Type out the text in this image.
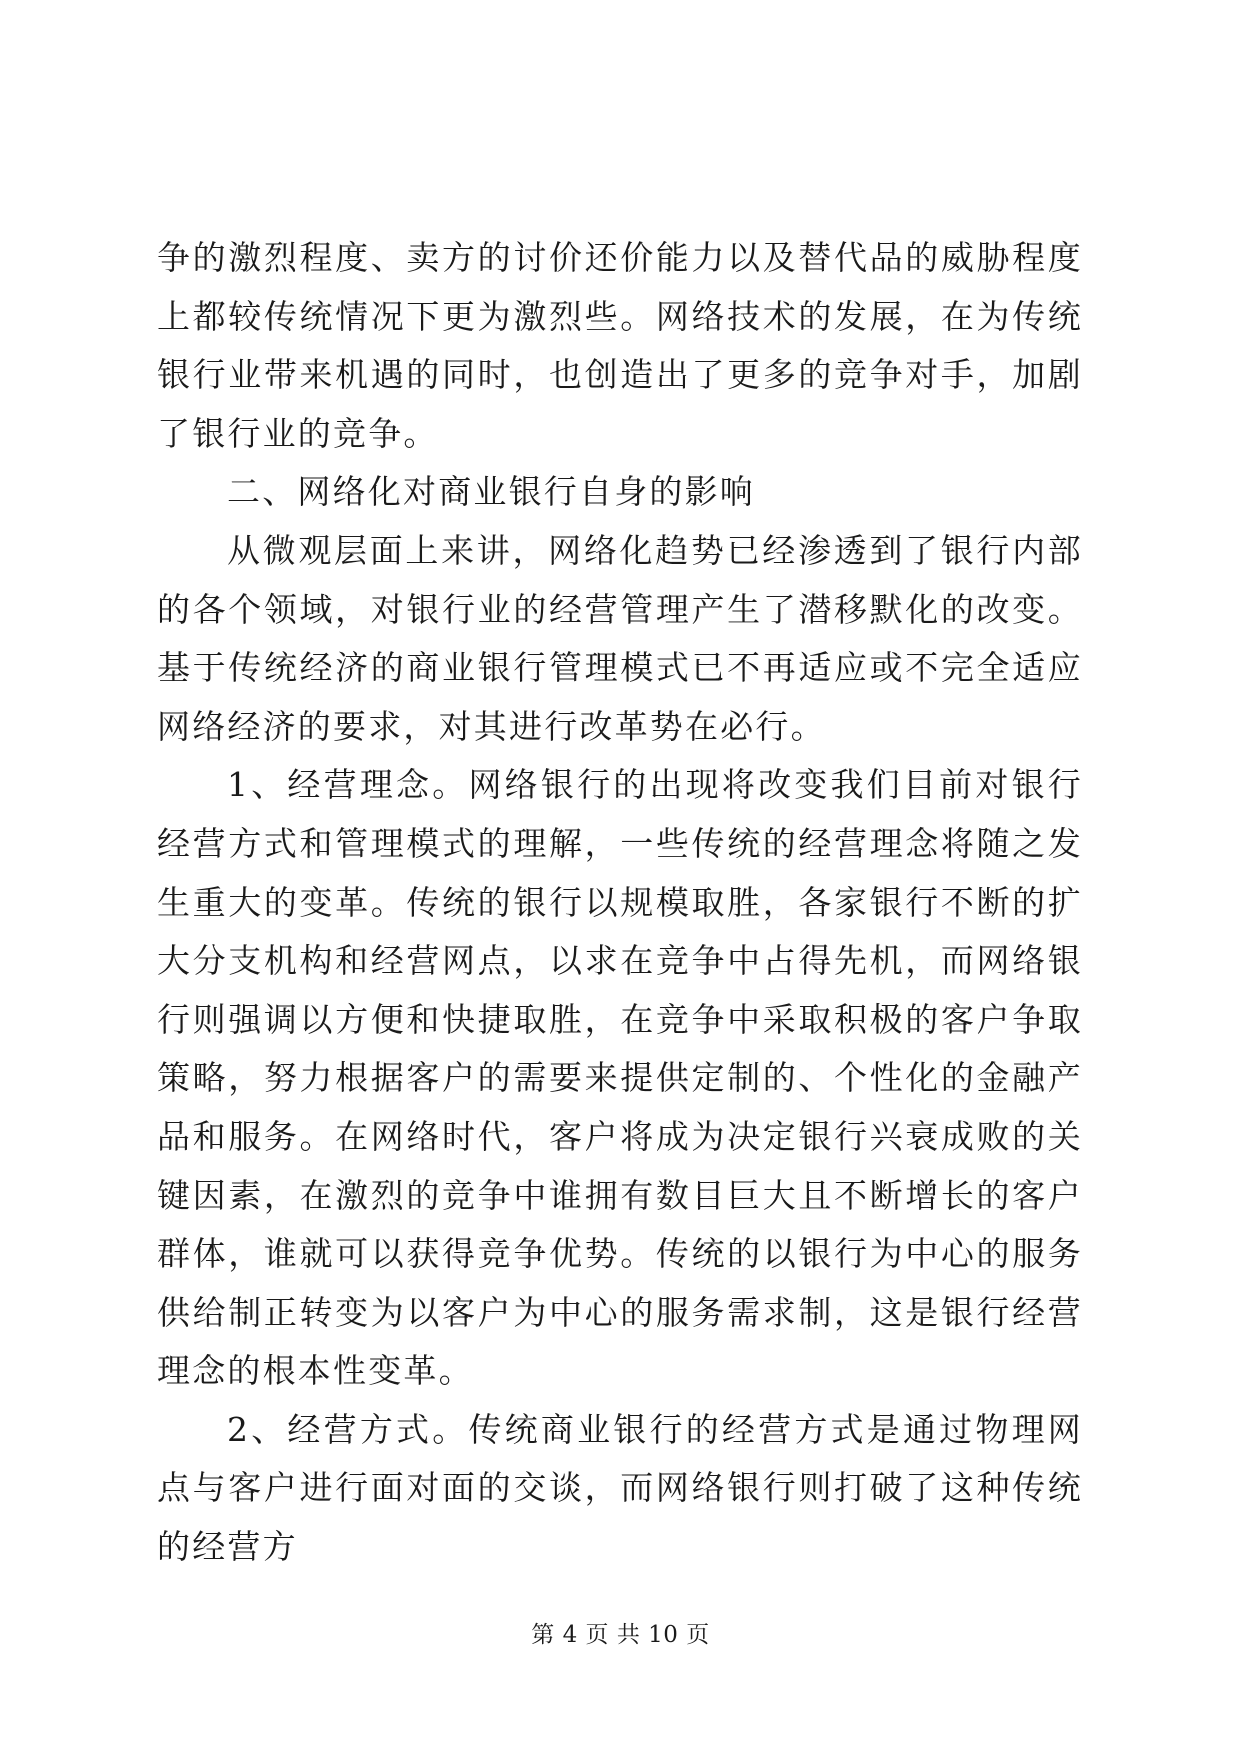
争的激烈程度、卖方的讨价还价能力以及替代品的威胁程度上都较传统情况下更为激烈些。网络技术的发展，在为传统银行业带来机遇的同时，也创造出了更多的竞争对手，加剧了银行业的竞争。

二、网络化对商业银行自身的影响

从微观层面上来讲，网络化趋势已经渗透到了银行内部的各个领域，对银行业的经营管理产生了潜移默化的改变。基于传统经济的商业银行管理模式已不再适应或不完全适应网络经济的要求，对其进行改革势在必行。

1、经营理念。网络银行的出现将改变我们目前对银行经营方式和管理模式的理解，一些传统的经营理念将随之发生重大的变革。传统的银行以规模取胜，各家银行不断的扩大分支机构和经营网点，以求在竞争中占得先机，而网络银行则强调以方便和快捷取胜，在竞争中采取积极的客户争取策略，努力根据客户的需要来提供定制的、个性化的金融产品和服务。在网络时代，客户将成为决定银行兴衰成败的关键因素，在激烈的竞争中谁拥有数目巨大且不断增长的客户群体，谁就可以获得竞争优势。传统的以银行为中心的服务供给制正转变为以客户为中心的服务需求制，这是银行经营理念的根本性变革。

2、经营方式。传统商业银行的经营方式是通过物理网点与客户进行面对面的交谈，而网络银行则打破了这种传统的经营方

第 4 页 共 10 页
